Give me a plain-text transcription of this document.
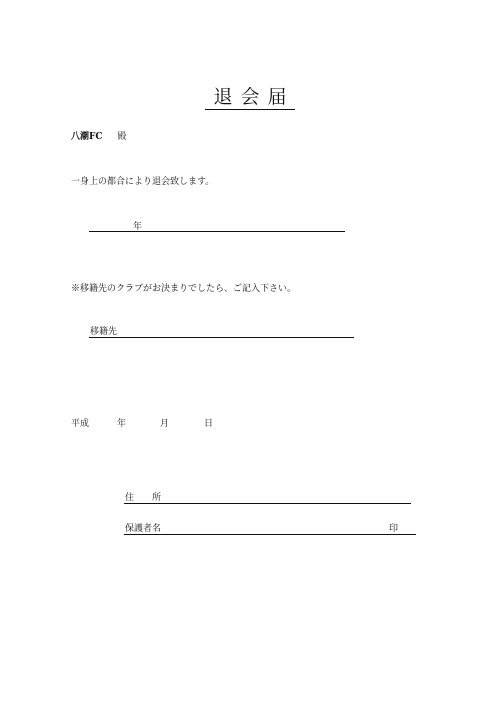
退会届
八潮FC 殿
一身上の都合により退会致します。
年
※移籍先のクラブがお決まりでしたら、ご記入下さい。
移籍先
平成	年	月	日
住　　所
保護者名	印
